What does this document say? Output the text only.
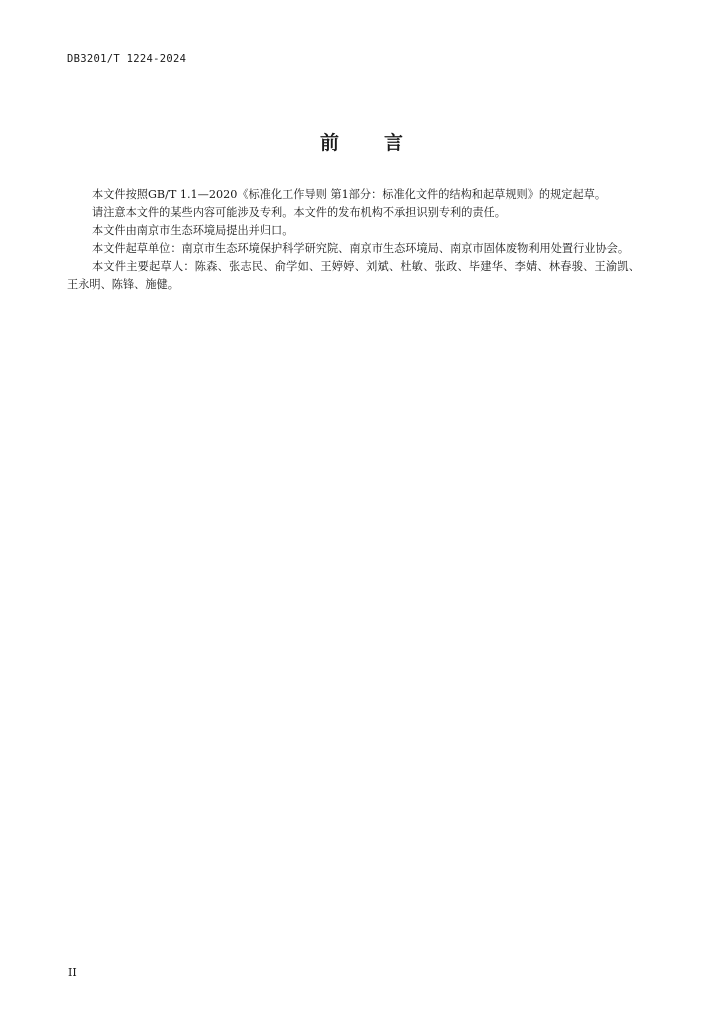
DB3201/T 1224-2024
前 言

本文件按照GB/T 1.1—2020《标准化工作导则 第1部分：标准化文件的结构和起草规则》的规定起草。

请注意本文件的某些内容可能涉及专利。本文件的发布机构不承担识别专利的责任。

本文件由南京市生态环境局提出并归口。

本文件起草单位：南京市生态环境保护科学研究院、南京市生态环境局、南京市固体废物利用处置行业协会。

本文件主要起草人：陈森、张志民、俞学如、王婷婷、刘斌、杜敏、张政、毕建华、李婧、林春骏、王渝凯、王永明、陈锋、施健。

II
